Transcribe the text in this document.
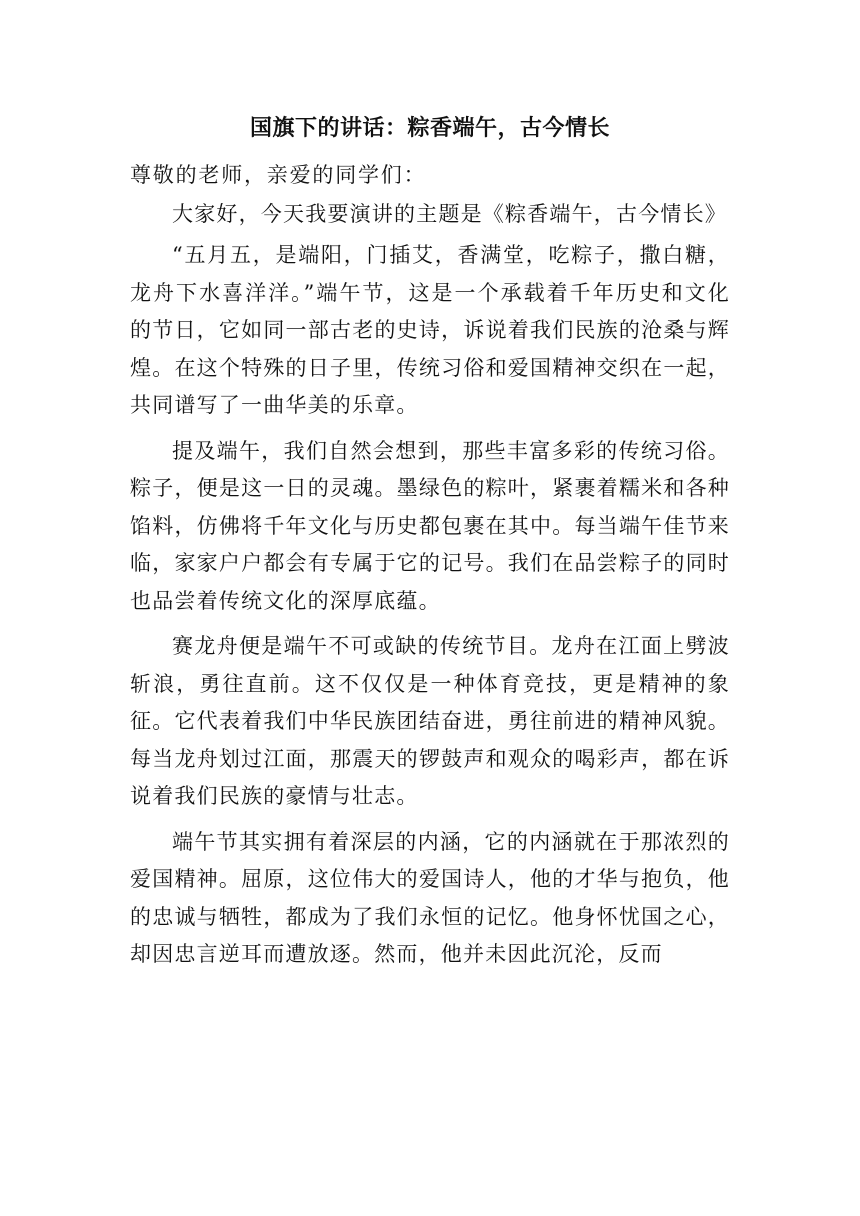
国旗下的讲话：粽香端午，古今情长

尊敬的老师，亲爱的同学们：

大家好，今天我要演讲的主题是《粽香端午，古今情长》

“五月五，是端阳，门插艾，香满堂，吃粽子，撒白糖，龙舟下水喜洋洋。”端午节，这是一个承载着千年历史和文化的节日，它如同一部古老的史诗，诉说着我们民族的沧桑与辉煌。在这个特殊的日子里，传统习俗和爱国精神交织在一起，共同谱写了一曲华美的乐章。

提及端午，我们自然会想到，那些丰富多彩的传统习俗。粽子，便是这一日的灵魂。墨绿色的粽叶，紧裹着糯米和各种馅料，仿佛将千年文化与历史都包裹在其中。每当端午佳节来临，家家户户都会有专属于它的记号。我们在品尝粽子的同时也品尝着传统文化的深厚底蕴。

赛龙舟便是端午不可或缺的传统节目。龙舟在江面上劈波斩浪，勇往直前。这不仅仅是一种体育竞技，更是精神的象征。它代表着我们中华民族团结奋进，勇往前进的精神风貌。每当龙舟划过江面，那震天的锣鼓声和观众的喝彩声，都在诉说着我们民族的豪情与壮志。

端午节其实拥有着深层的内涵，它的内涵就在于那浓烈的爱国精神。屈原，这位伟大的爱国诗人，他的才华与抱负，他的忠诚与牺牲，都成为了我们永恒的记忆。他身怀忧国之心，却因忠言逆耳而遭放逐。然而，他并未因此沉沦，反而
